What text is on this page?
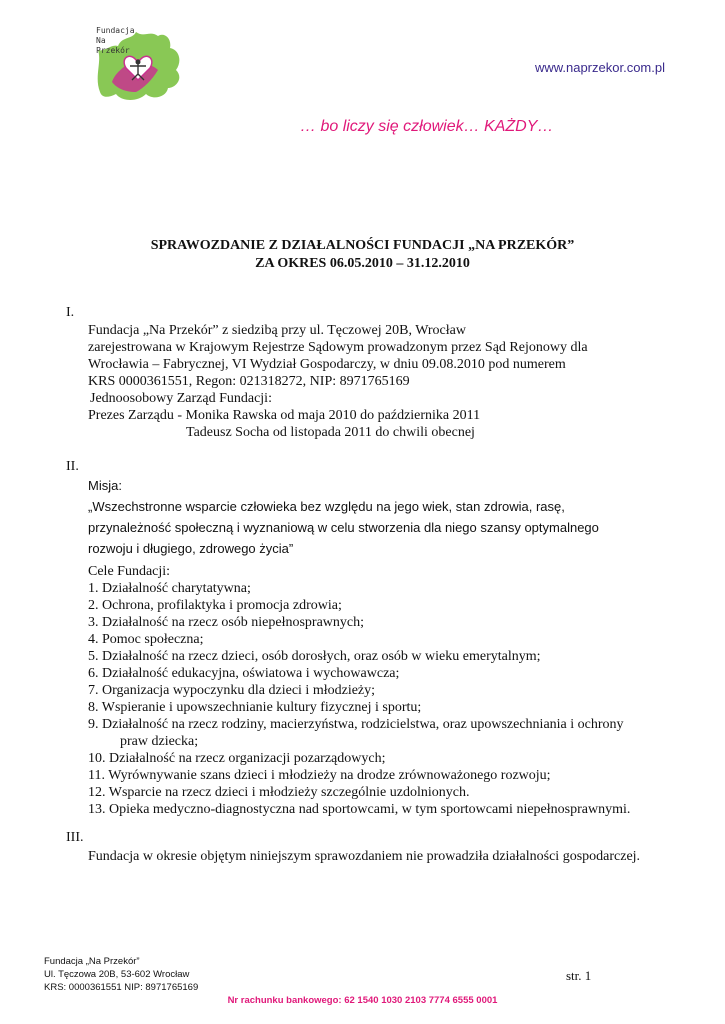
Fundacja
Na
Przekór
www.naprzekor.com.pl
… bo liczy się człowiek… KAŻDY…
SPRAWOZDANIE Z DZIAŁALNOŚCI FUNDACJI „NA PRZEKÓR”
ZA OKRES 06.05.2010 – 31.12.2010
I.
Fundacja „Na Przekór” z siedzibą przy ul. Tęczowej 20B, Wrocław
zarejestrowana w Krajowym Rejestrze Sądowym prowadzonym przez Sąd Rejonowy dla
Wrocławia – Fabrycznej, VI Wydział Gospodarczy, w dniu 09.08.2010 pod numerem
KRS 0000361551, Regon: 021318272, NIP: 8971765169
Jednoosobowy Zarząd Fundacji:
Prezes Zarządu - Monika Rawska od maja 2010 do października 2011
Tadeusz Socha od listopada 2011 do chwili obecnej
II.
Misja:
„Wszechstronne wsparcie człowieka bez względu na jego wiek, stan zdrowia, rasę,
przynależność społeczną i wyznaniową w celu stworzenia dla niego szansy optymalnego
rozwoju i długiego, zdrowego życia”
Cele Fundacji:
1. Działalność charytatywna;
2. Ochrona, profilaktyka i promocja zdrowia;
3. Działalność na rzecz osób niepełnosprawnych;
4. Pomoc społeczna;
5. Działalność na rzecz dzieci, osób dorosłych, oraz osób w wieku emerytalnym;
6. Działalność edukacyjna, oświatowa i wychowawcza;
7. Organizacja wypoczynku dla dzieci i młodzieży;
8. Wspieranie i upowszechnianie kultury fizycznej i sportu;
9. Działalność na rzecz rodziny, macierzyństwa, rodzicielstwa, oraz upowszechniania i ochrony
praw dziecka;
10. Działalność na rzecz organizacji pozarządowych;
11. Wyrównywanie szans dzieci i młodzieży na drodze zrównoważonego rozwoju;
12. Wsparcie na rzecz dzieci i młodzieży szczególnie uzdolnionych.
13. Opieka medyczno-diagnostyczna nad sportowcami, w tym sportowcami niepełnosprawnymi.
III.
Fundacja w okresie objętym niniejszym sprawozdaniem nie prowadziła działalności gospodarczej.
Fundacja „Na Przekór”
Ul. Tęczowa 20B, 53-602 Wrocław
KRS: 0000361551 NIP: 8971765169
str. 1
Nr rachunku bankowego: 62 1540 1030 2103 7774 6555 0001
